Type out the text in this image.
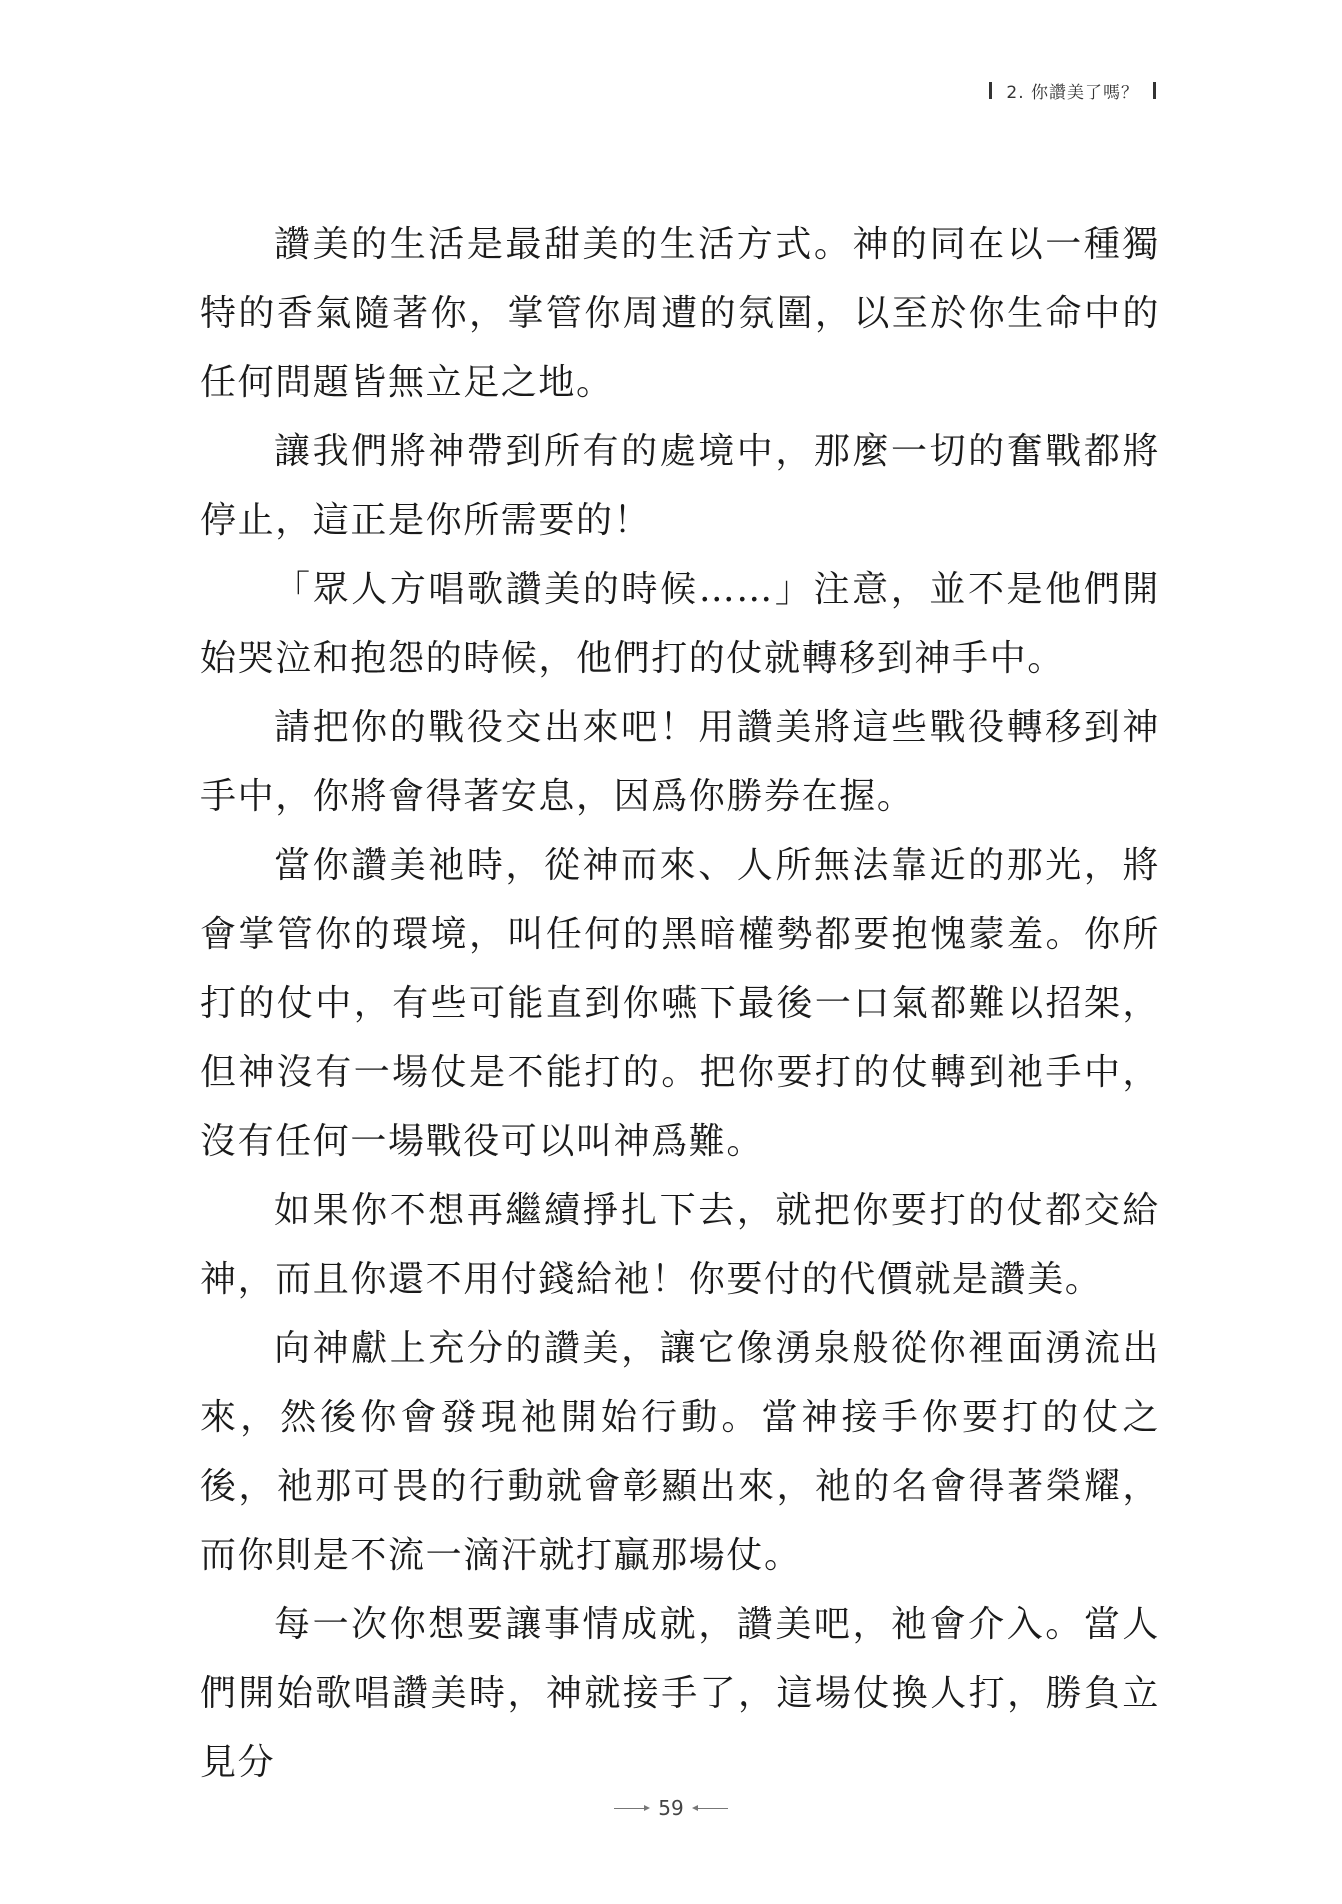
2. 你讚美了嗎？

讚美的生活是最甜美的生活方式。神的同在以一種獨特的香氣隨著你，掌管你周遭的氛圍，以至於你生命中的任何問題皆無立足之地。

讓我們將神帶到所有的處境中，那麼一切的奮戰都將停止，這正是你所需要的！

「眾人方唱歌讚美的時候……」注意，並不是他們開始哭泣和抱怨的時候，他們打的仗就轉移到神手中。

請把你的戰役交出來吧！用讚美將這些戰役轉移到神手中，你將會得著安息，因爲你勝券在握。

當你讚美祂時，從神而來、人所無法靠近的那光，將會掌管你的環境，叫任何的黑暗權勢都要抱愧蒙羞。你所打的仗中，有些可能直到你嚥下最後一口氣都難以招架，但神沒有一場仗是不能打的。把你要打的仗轉到祂手中，沒有任何一場戰役可以叫神爲難。

如果你不想再繼續掙扎下去，就把你要打的仗都交給神，而且你還不用付錢給祂！你要付的代價就是讚美。

向神獻上充分的讚美，讓它像湧泉般從你裡面湧流出來，然後你會發現祂開始行動。當神接手你要打的仗之後，祂那可畏的行動就會彰顯出來，祂的名會得著榮耀，而你則是不流一滴汗就打贏那場仗。

每一次你想要讓事情成就，讚美吧，祂會介入。當人們開始歌唱讚美時，神就接手了，這場仗換人打，勝負立見分

59
